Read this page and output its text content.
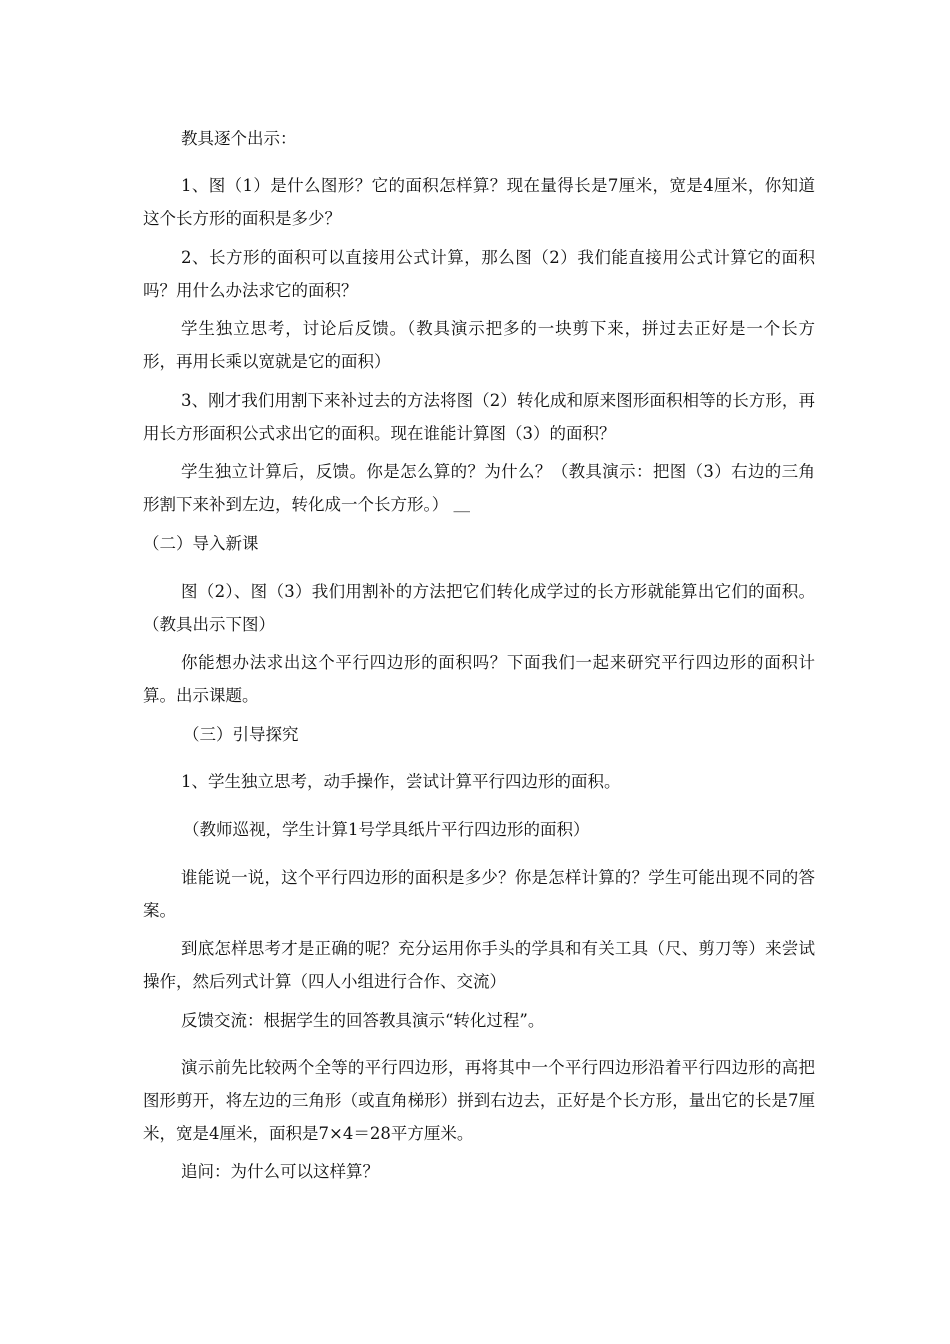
教具逐个出示：

1、图（1）是什么图形？它的面积怎样算？现在量得长是7厘米，宽是4厘米，你知道这个长方形的面积是多少？

2、长方形的面积可以直接用公式计算，那么图（2）我们能直接用公式计算它的面积吗？用什么办法求它的面积？

学生独立思考，讨论后反馈。（教具演示把多的一块剪下来，拼过去正好是一个长方形，再用长乘以宽就是它的面积）

3、刚才我们用割下来补过去的方法将图（2）转化成和原来图形面积相等的长方形，再用长方形面积公式求出它的面积。现在谁能计算图（3）的面积？

学生独立计算后，反馈。你是怎么算的？为什么？（教具演示：把图（3）右边的三角形割下来补到左边，转化成一个长方形。） ＿

（二）导入新课

图（2）、图（3）我们用割补的方法把它们转化成学过的长方形就能算出它们的面积。（教具出示下图）

你能想办法求出这个平行四边形的面积吗？下面我们一起来研究平行四边形的面积计算。出示课题。

（三）引导探究

1、学生独立思考，动手操作，尝试计算平行四边形的面积。

（教师巡视，学生计算1号学具纸片平行四边形的面积）

谁能说一说，这个平行四边形的面积是多少？你是怎样计算的？学生可能出现不同的答案。

到底怎样思考才是正确的呢？充分运用你手头的学具和有关工具（尺、剪刀等）来尝试操作，然后列式计算（四人小组进行合作、交流）

反馈交流：根据学生的回答教具演示“转化过程”。

演示前先比较两个全等的平行四边形，再将其中一个平行四边形沿着平行四边形的高把图形剪开，将左边的三角形（或直角梯形）拼到右边去，正好是个长方形，量出它的长是7厘米，宽是4厘米，面积是7×4＝28平方厘米。

追问：为什么可以这样算？
